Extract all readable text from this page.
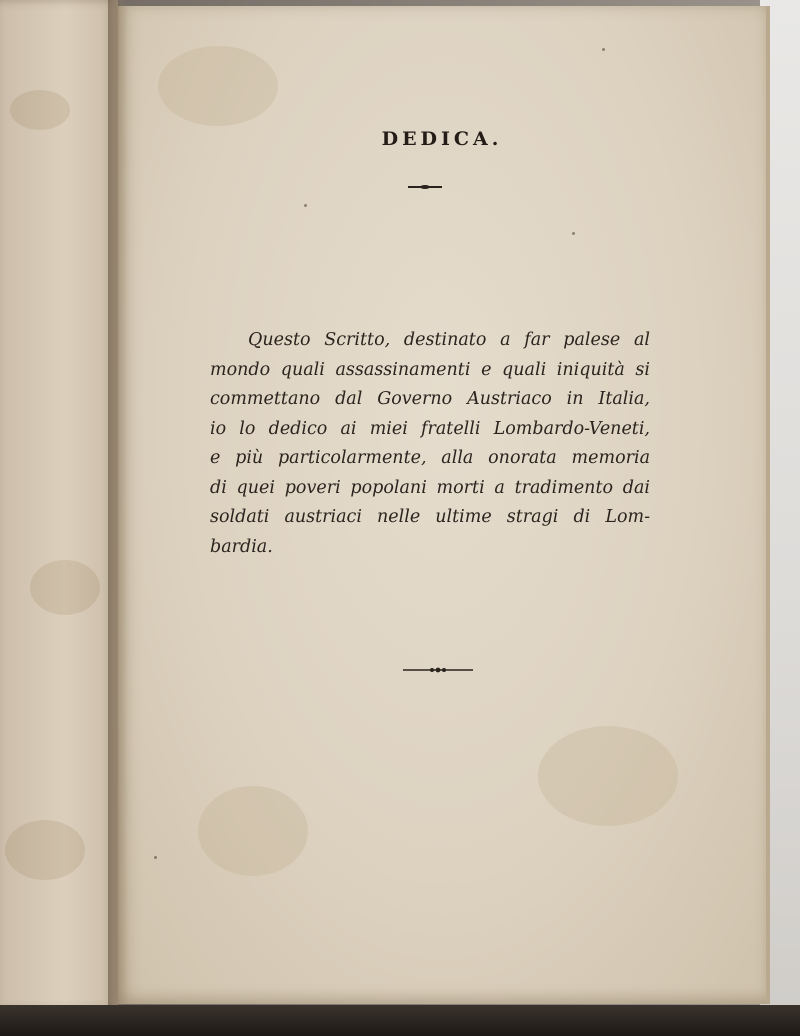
DEDICA.

Questo Scritto, destinato a far palese al
mondo quali assassinamenti e quali iniquità si
commettano dal Governo Austriaco in Italia,
io lo dedico ai miei fratelli Lombardo-Veneti,
e più particolarmente, alla onorata memoria
di quei poveri popolani morti a tradimento dai
soldati austriaci nelle ultime stragi di Lom-
bardia.
